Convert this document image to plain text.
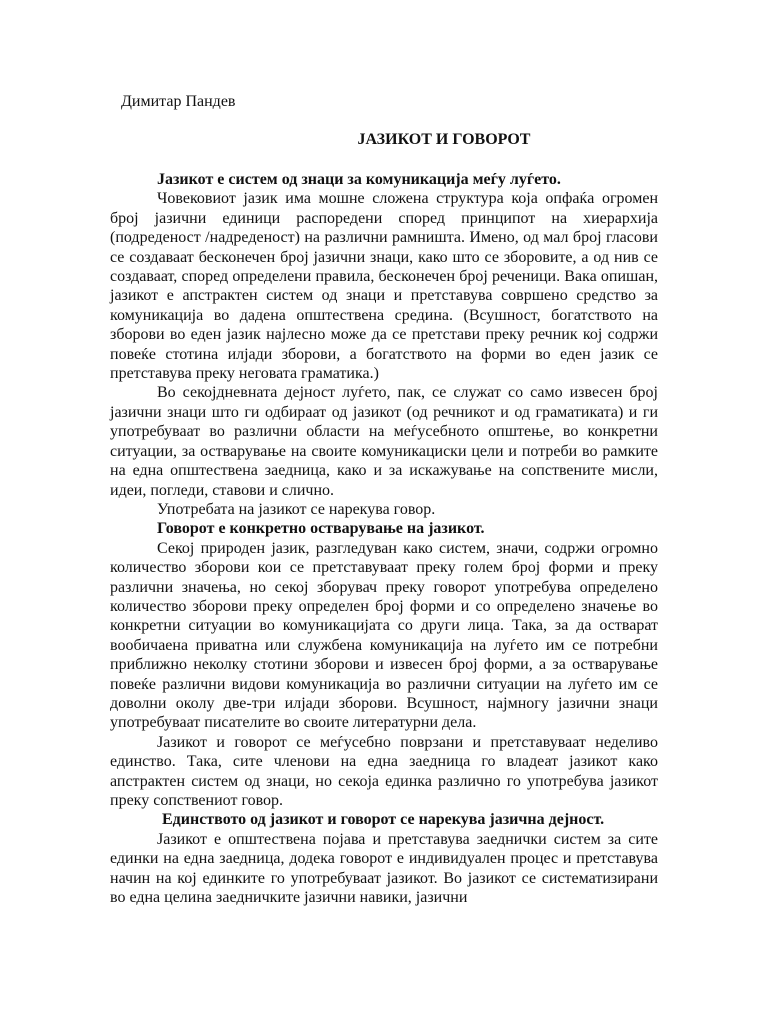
Димитар Пандев
ЈАЗИКОТ И ГОВОРОТ

Јазикот е систем од знаци за комуникација меѓу луѓето.

Човековиот јазик има мошне сложена структура која опфаќа огромен број јазични единици распоредени според принципот на хиерархија (подреденост /надреденост) на различни рамништа. Имено, од мал број гласови се создаваат бесконечен број јазични знаци, како што се зборовите, а од нив се создаваат, според определени правила, бесконечен број реченици. Вака опишан, јазикот е апстрактен систем од знаци и претставува совршено средство за комуникација во дадена општествена средина. (Всушност, богатството на зборови во еден јазик најлесно може да се претстави преку речник кој содржи повеќе стотина илјади зборови, а богатството на форми во еден јазик се претставува преку неговата граматика.)

Во секојдневната дејност луѓето, пак, се служат со само извесен број јазични знаци што ги одбираат од јазикот (од речникот и од граматиката) и ги употребуваат во различни области на меѓусебното општење, во конкретни ситуации, за остварување на своите комуникациски цели и потреби во рамките на една општествена заедница, како и за искажување на сопствените мисли, идеи, погледи, ставови и слично.

Употребата на јазикот се нарекува говор.

Говорот е конкретно остварување на јазикот.

Секој природен јазик, разгледуван како систем, значи, содржи огромно количество зборови кои се претставуваат преку голем број форми и преку различни значења, но секој зборувач преку говорот употребува определено количество зборови преку определен број форми и со определено значење во конкретни ситуации во комуникацијата со други лица. Така, за да остварат вообичаена приватна или службена комуникација на луѓето им се потребни приближно неколку стотини зборови и извесен број форми, а за остварување повеќе различни видови комуникација во различни ситуации на луѓето им се доволни околу две-три илјади зборови. Всушност, најмногу јазични знаци употребуваат писателите во своите литературни дела.

Јазикот и говорот се меѓусебно поврзани и претставуваат неделиво единство. Така, сите членови на една заедница го владеат јазикот како апстрактен систем од знаци, но секоја единка различно го употребува јазикот преку сопствениот говор.

Единството од јазикот и говорот се нарекува јазична дејност.

Јазикот е општествена појава и претставува заеднички систем за сите единки на една заедница, додека говорот е индивидуален процес и претставува начин на кој единките го употребуваат јазикот. Во јазикот се систематизирани во една целина заедничките јазични навики, јазични
